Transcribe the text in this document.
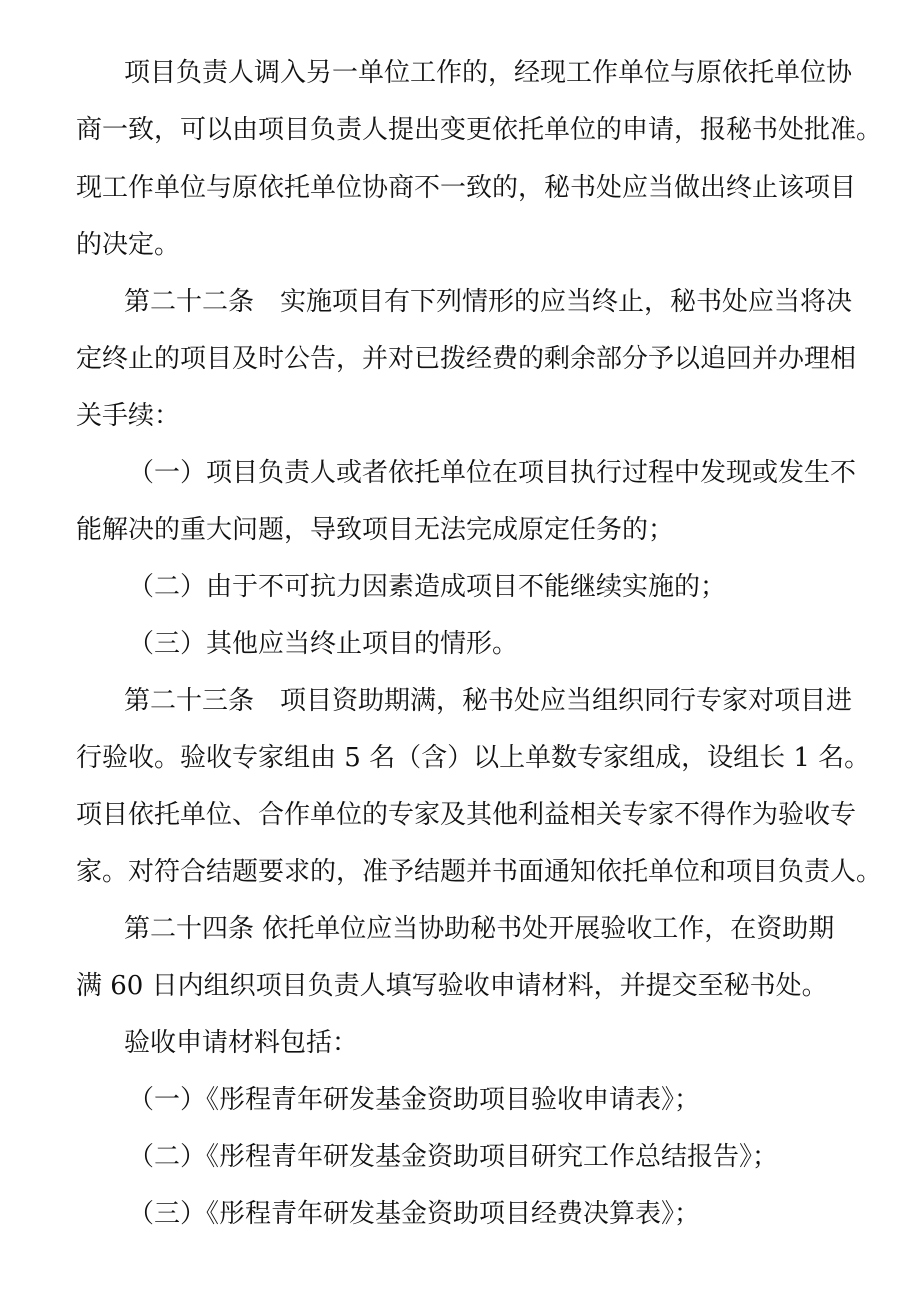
项目负责人调入另一单位工作的，经现工作单位与原依托单位协
商一致，可以由项目负责人提出变更依托单位的申请，报秘书处批准。
现工作单位与原依托单位协商不一致的，秘书处应当做出终止该项目
的决定。
第二十二条　实施项目有下列情形的应当终止，秘书处应当将决
定终止的项目及时公告，并对已拨经费的剩余部分予以追回并办理相
关手续：
（一）项目负责人或者依托单位在项目执行过程中发现或发生不
能解决的重大问题，导致项目无法完成原定任务的；
（二）由于不可抗力因素造成项目不能继续实施的；
（三）其他应当终止项目的情形。
第二十三条　项目资助期满，秘书处应当组织同行专家对项目进
行验收。验收专家组由 5 名（含）以上单数专家组成，设组长 1 名。
项目依托单位、合作单位的专家及其他利益相关专家不得作为验收专
家。对符合结题要求的，准予结题并书面通知依托单位和项目负责人。
第二十四条 依托单位应当协助秘书处开展验收工作，在资助期
满 60 日内组织项目负责人填写验收申请材料，并提交至秘书处。
验收申请材料包括：
（一）《彤程青年研发基金资助项目验收申请表》；
（二）《彤程青年研发基金资助项目研究工作总结报告》；
（三）《彤程青年研发基金资助项目经费决算表》；
